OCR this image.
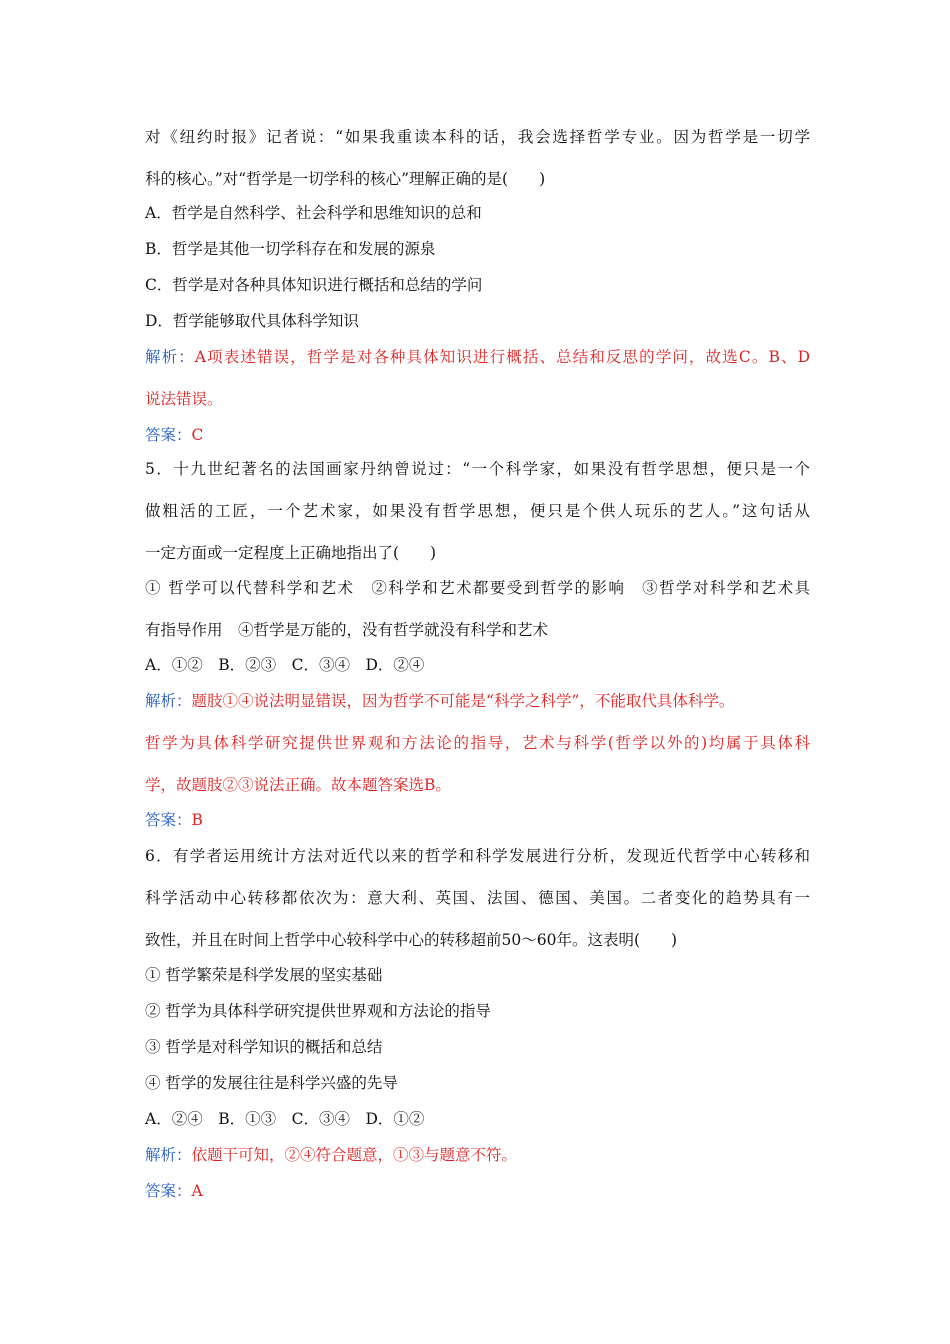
对《纽约时报》记者说：“如果我重读本科的话，我会选择哲学专业。因为哲学是一切学
科的核心。”对“哲学是一切学科的核心”理解正确的是(　　)
A．哲学是自然科学、社会科学和思维知识的总和
B．哲学是其他一切学科存在和发展的源泉
C．哲学是对各种具体知识进行概括和总结的学问
D．哲学能够取代具体科学知识
解析：A项表述错误，哲学是对各种具体知识进行概括、总结和反思的学问，故选C。B、D
说法错误。
答案：C
5．十九世纪著名的法国画家丹纳曾说过：“一个科学家，如果没有哲学思想，便只是一个
做粗活的工匠，一个艺术家，如果没有哲学思想，便只是个供人玩乐的艺人。”这句话从
一定方面或一定程度上正确地指出了(　　)
① 哲学可以代替科学和艺术　②科学和艺术都要受到哲学的影响　③哲学对科学和艺术具
有指导作用　④哲学是万能的，没有哲学就没有科学和艺术
A．①②　B．②③　C．③④　D．②④
解析：题肢①④说法明显错误，因为哲学不可能是“科学之科学”，不能取代具体科学。
哲学为具体科学研究提供世界观和方法论的指导，艺术与科学(哲学以外的)均属于具体科
学，故题肢②③说法正确。故本题答案选B。
答案：B
6．有学者运用统计方法对近代以来的哲学和科学发展进行分析，发现近代哲学中心转移和
科学活动中心转移都依次为：意大利、英国、法国、德国、美国。二者变化的趋势具有一
致性，并且在时间上哲学中心较科学中心的转移超前50～60年。这表明(　　)
① 哲学繁荣是科学发展的坚实基础
② 哲学为具体科学研究提供世界观和方法论的指导
③ 哲学是对科学知识的概括和总结
④ 哲学的发展往往是科学兴盛的先导
A．②④　B．①③　C．③④　D．①②
解析：依题干可知，②④符合题意，①③与题意不符。
答案：A
